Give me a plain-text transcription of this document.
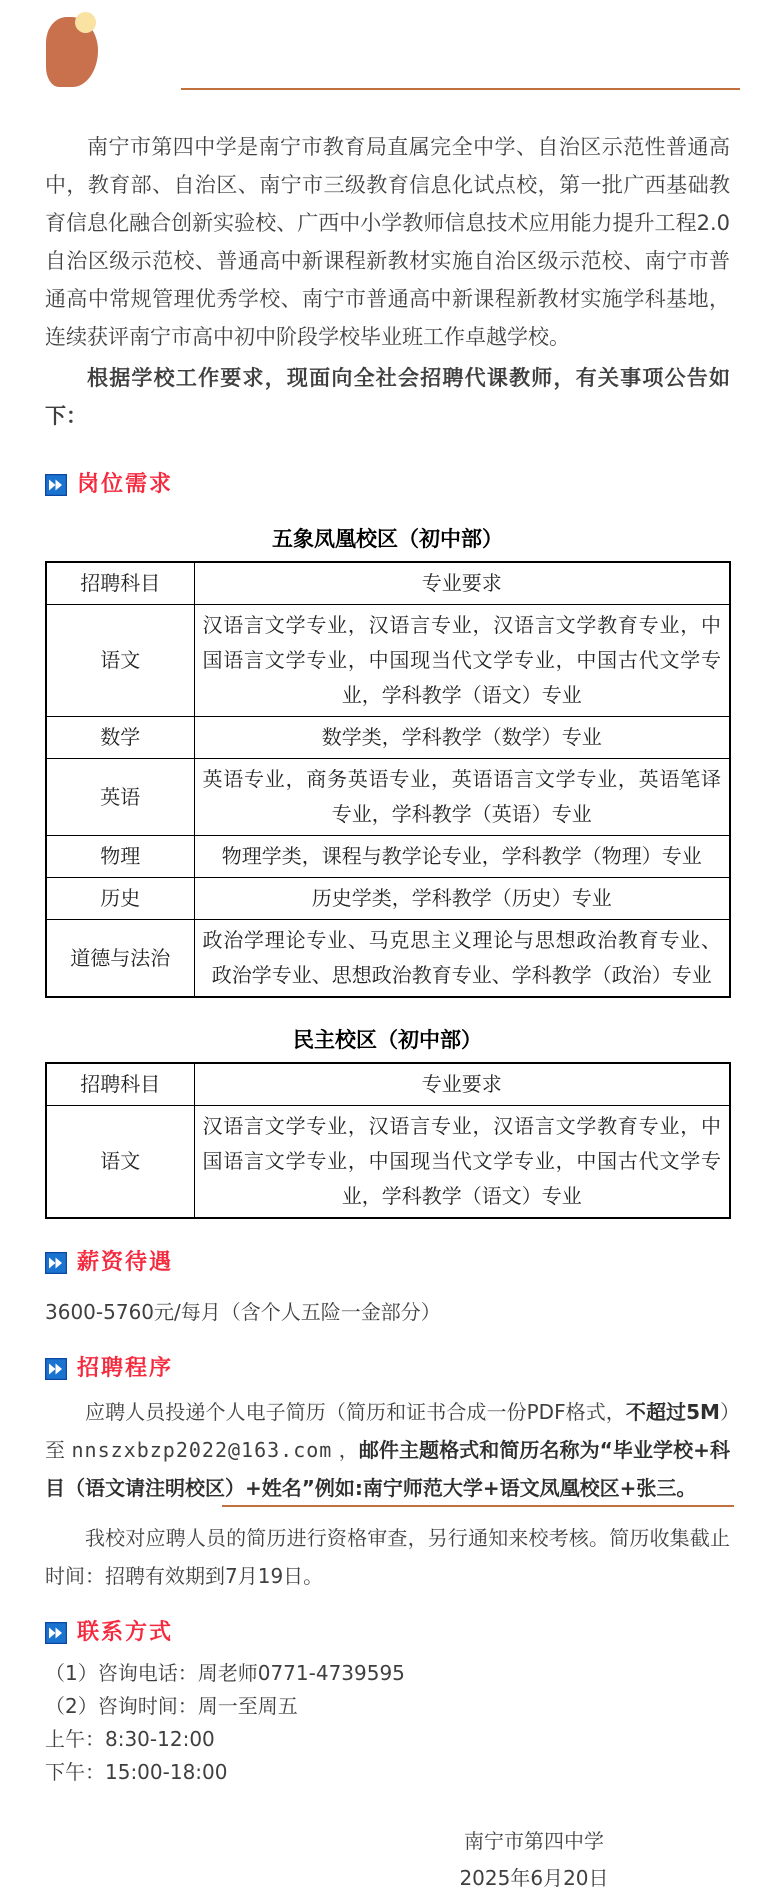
南宁市第四中学是南宁市教育局直属完全中学、自治区示范性普通高中，教育部、自治区、南宁市三级教育信息化试点校，第一批广西基础教育信息化融合创新实验校、广西中小学教师信息技术应用能力提升工程2.0自治区级示范校、普通高中新课程新教材实施自治区级示范校、南宁市普通高中常规管理优秀学校、南宁市普通高中新课程新教材实施学科基地，连续获评南宁市高中初中阶段学校毕业班工作卓越学校。

根据学校工作要求，现面向全社会招聘代课教师，有关事项公告如下：

岗位需求
五象凤凰校区（初中部）
招聘科目	专业要求
语文	汉语言文学专业，汉语言专业，汉语言文学教育专业，中国语言文学专业，中国现当代文学专业，中国古代文学专业，学科教学（语文）专业
数学	数学类，学科教学（数学）专业
英语	英语专业，商务英语专业，英语语言文学专业，英语笔译专业，学科教学（英语）专业
物理	物理学类，课程与教学论专业，学科教学（物理）专业
历史	历史学类，学科教学（历史）专业
道德与法治	政治学理论专业、马克思主义理论与思想政治教育专业、政治学专业、思想政治教育专业、学科教学（政治）专业
民主校区（初中部）
招聘科目	专业要求
语文	汉语言文学专业，汉语言专业，汉语言文学教育专业，中国语言文学专业，中国现当代文学专业，中国古代文学专业，学科教学（语文）专业
薪资待遇

3600-5760元/每月（含个人五险一金部分）

招聘程序

应聘人员投递个人电子简历（简历和证书合成一份PDF格式，不超过5M）至 nnszxbzp2022@163.com ，邮件主题格式和简历名称为“毕业学校+科目（语文请注明校区）+姓名”例如:南宁师范大学+语文凤凰校区+张三。

我校对应聘人员的简历进行资格审查，另行通知来校考核。简历收集截止时间：招聘有效期到7月19日。

联系方式

（1）咨询电话：周老师0771-4739595

（2）咨询时间：周一至周五

上午：8:30-12:00

下午：15:00-18:00

南宁市第四中学

2025年6月20日
